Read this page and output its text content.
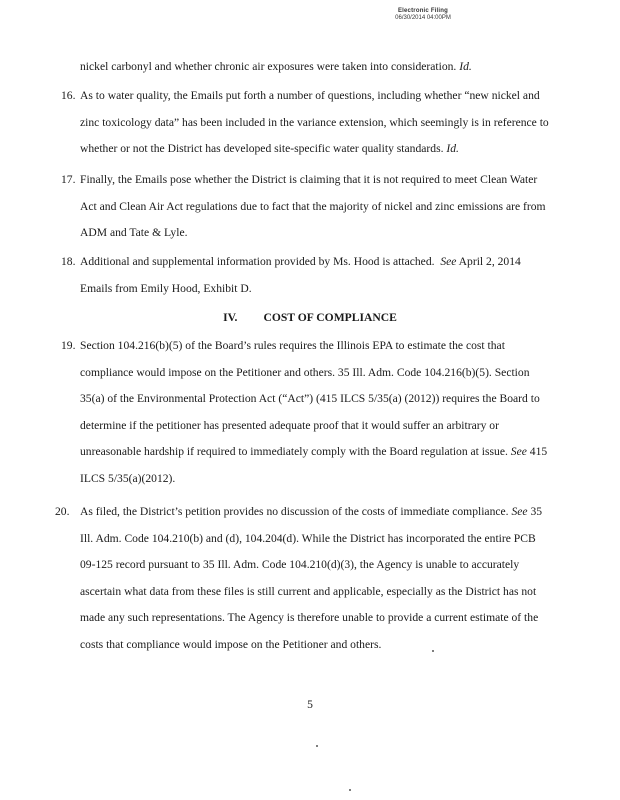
Electronic Filing
06/30/2014 04:00PM
nickel carbonyl and whether chronic air exposures were taken into consideration. Id.
16. As to water quality, the Emails put forth a number of questions, including whether “new nickel and
zinc toxicology data” has been included in the variance extension, which seemingly is in reference to
whether or not the District has developed site-specific water quality standards. Id.
17. Finally, the Emails pose whether the District is claiming that it is not required to meet Clean Water
Act and Clean Air Act regulations due to fact that the majority of nickel and zinc emissions are from
ADM and Tate & Lyle.
18. Additional and supplemental information provided by Ms. Hood is attached. See April 2, 2014
Emails from Emily Hood, Exhibit D.
IV. COST OF COMPLIANCE
19. Section 104.216(b)(5) of the Board’s rules requires the Illinois EPA to estimate the cost that
compliance would impose on the Petitioner and others. 35 Ill. Adm. Code 104.216(b)(5). Section
35(a) of the Environmental Protection Act (“Act”) (415 ILCS 5/35(a) (2012)) requires the Board to
determine if the petitioner has presented adequate proof that it would suffer an arbitrary or
unreasonable hardship if required to immediately comply with the Board regulation at issue. See 415
ILCS 5/35(a)(2012).
20. As filed, the District’s petition provides no discussion of the costs of immediate compliance. See 35
Ill. Adm. Code 104.210(b) and (d), 104.204(d). While the District has incorporated the entire PCB
09-125 record pursuant to 35 Ill. Adm. Code 104.210(d)(3), the Agency is unable to accurately
ascertain what data from these files is still current and applicable, especially as the District has not
made any such representations. The Agency is therefore unable to provide a current estimate of the
costs that compliance would impose on the Petitioner and others.
5
